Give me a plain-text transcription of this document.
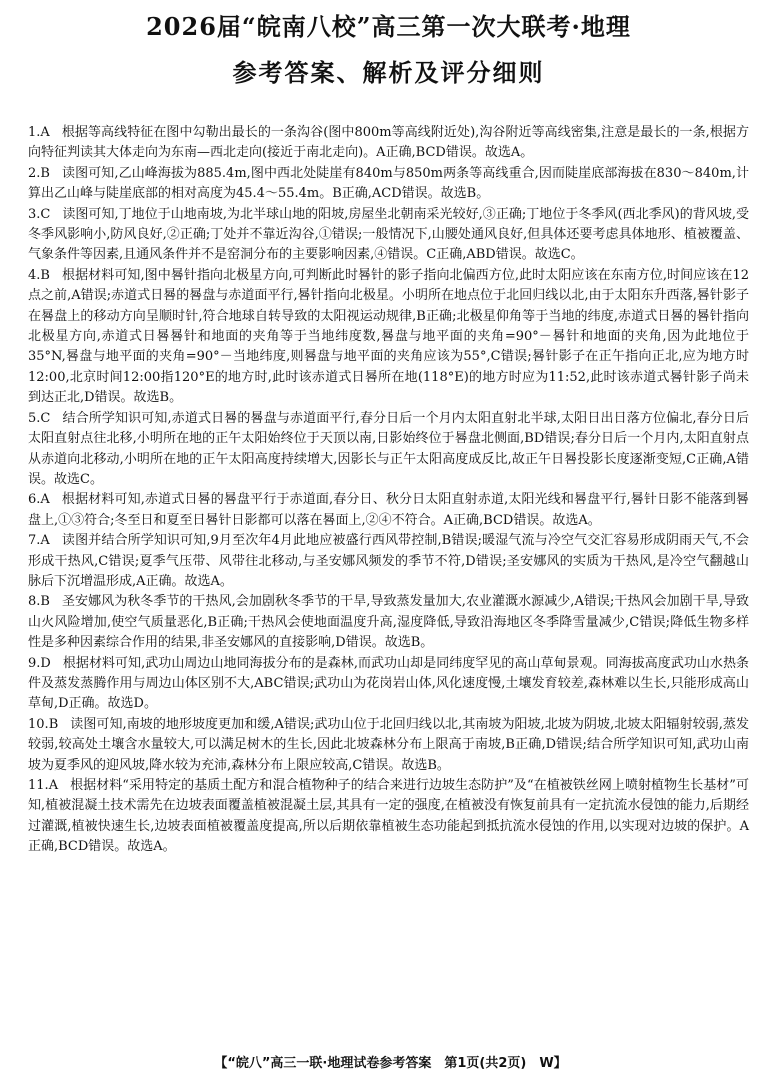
2026届“皖南八校”高三第一次大联考·地理
参考答案、解析及评分细则

1.A 根据等高线特征在图中勾勒出最长的一条沟谷(图中800m等高线附近处),沟谷附近等高线密集,注意是最长的一条,根据方向特征判读其大体走向为东南—西北走向(接近于南北走向)。A正确,BCD错误。故选A。

2.B 读图可知,乙山峰海拔为885.4m,图中西北处陡崖有840m与850m两条等高线重合,因而陡崖底部海拔在830～840m,计算出乙山峰与陡崖底部的相对高度为45.4～55.4m。B正确,ACD错误。故选B。

3.C 读图可知,丁地位于山地南坡,为北半球山地的阳坡,房屋坐北朝南采光较好,③正确;丁地位于冬季风(西北季风)的背风坡,受冬季风影响小,防风良好,②正确;丁处并不靠近沟谷,①错误;一般情况下,山腰处通风良好,但具体还要考虑具体地形、植被覆盖、气象条件等因素,且通风条件并不是窑洞分布的主要影响因素,④错误。C正确,ABD错误。故选C。

4.B 根据材料可知,图中晷针指向北极星方向,可判断此时晷针的影子指向北偏西方位,此时太阳应该在东南方位,时间应该在12点之前,A错误;赤道式日晷的晷盘与赤道面平行,晷针指向北极星。小明所在地点位于北回归线以北,由于太阳东升西落,晷针影子在晷盘上的移动方向呈顺时针,符合地球自转导致的太阳视运动规律,B正确;北极星仰角等于当地的纬度,赤道式日晷的晷针指向北极星方向,赤道式日晷晷针和地面的夹角等于当地纬度数,晷盘与地平面的夹角=90°－晷针和地面的夹角,因为此地位于35°N,晷盘与地平面的夹角=90°－当地纬度,则晷盘与地平面的夹角应该为55°,C错误;晷针影子在正午指向正北,应为地方时12:00,北京时间12:00指120°E的地方时,此时该赤道式日晷所在地(118°E)的地方时应为11:52,此时该赤道式晷针影子尚未到达正北,D错误。故选B。

5.C 结合所学知识可知,赤道式日晷的晷盘与赤道面平行,春分日后一个月内太阳直射北半球,太阳日出日落方位偏北,春分日后太阳直射点往北移,小明所在地的正午太阳始终位于天顶以南,日影始终位于晷盘北侧面,BD错误;春分日后一个月内,太阳直射点从赤道向北移动,小明所在地的正午太阳高度持续增大,因影长与正午太阳高度成反比,故正午日晷投影长度逐渐变短,C正确,A错误。故选C。

6.A 根据材料可知,赤道式日晷的晷盘平行于赤道面,春分日、秋分日太阳直射赤道,太阳光线和晷盘平行,晷针日影不能落到晷盘上,①③符合;冬至日和夏至日晷针日影都可以落在晷面上,②④不符合。A正确,BCD错误。故选A。

7.A 读图并结合所学知识可知,9月至次年4月此地应被盛行西风带控制,B错误;暖湿气流与冷空气交汇容易形成阴雨天气,不会形成干热风,C错误;夏季气压带、风带往北移动,与圣安娜风频发的季节不符,D错误;圣安娜风的实质为干热风,是冷空气翻越山脉后下沉增温形成,A正确。故选A。

8.B 圣安娜风为秋冬季节的干热风,会加剧秋冬季节的干旱,导致蒸发量加大,农业灌溉水源减少,A错误;干热风会加剧干旱,导致山火风险增加,使空气质量恶化,B正确;干热风会使地面温度升高,湿度降低,导致沿海地区冬季降雪量减少,C错误;降低生物多样性是多种因素综合作用的结果,非圣安娜风的直接影响,D错误。故选B。

9.D 根据材料可知,武功山周边山地同海拔分布的是森林,而武功山却是同纬度罕见的高山草甸景观。同海拔高度武功山水热条件及蒸发蒸腾作用与周边山体区别不大,ABC错误;武功山为花岗岩山体,风化速度慢,土壤发育较差,森林难以生长,只能形成高山草甸,D正确。故选D。

10.B 读图可知,南坡的地形坡度更加和缓,A错误;武功山位于北回归线以北,其南坡为阳坡,北坡为阴坡,北坡太阳辐射较弱,蒸发较弱,较高处土壤含水量较大,可以满足树木的生长,因此北坡森林分布上限高于南坡,B正确,D错误;结合所学知识可知,武功山南坡为夏季风的迎风坡,降水较为充沛,森林分布上限应较高,C错误。故选B。

11.A 根据材料“采用特定的基质土配方和混合植物种子的结合来进行边坡生态防护”及“在植被铁丝网上喷射植物生长基材”可知,植被混凝土技术需先在边坡表面覆盖植被混凝土层,其具有一定的强度,在植被没有恢复前具有一定抗流水侵蚀的能力,后期经过灌溉,植被快速生长,边坡表面植被覆盖度提高,所以后期依靠植被生态功能起到抵抗流水侵蚀的作用,以实现对边坡的保护。A正确,BCD错误。故选A。

【“皖八”高三一联·地理试卷参考答案　第1页(共2页)　W】
